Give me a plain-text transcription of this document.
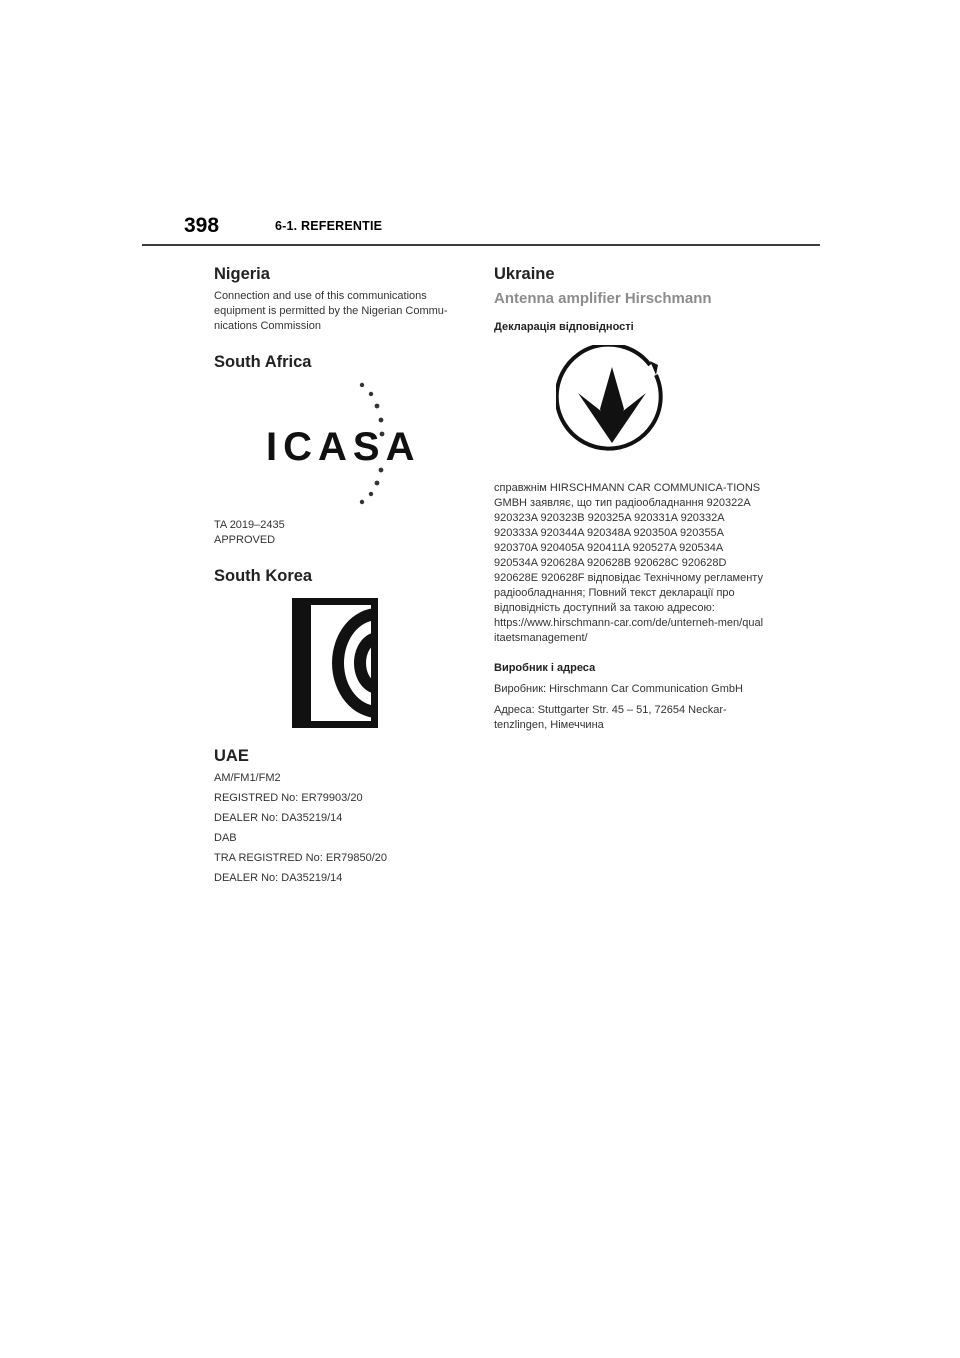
398	6-1. REFERENTIE
Nigeria

Connection and use of this communications equipment is permitted by the Nigerian Commu-nications Commission

South Africa
ICASA

TA 2019–2435

APPROVED

South Korea
UAE

AM/FM1/FM2

REGISTRED No: ER79903/20

DEALER No: DA35219/14

DAB

TRA REGISTRED No: ER79850/20

DEALER No: DA35219/14

Ukraine
Antenna amplifier Hirschmann
Декларація відповідності

справжнім HIRSCHMANN CAR COMMUNICA-TIONS GMBH заявляє, що тип радіообладнання 920322A 920323A 920323B 920325A 920331A 920332A 920333A 920344A 920348A 920350A 920355A 920370A 920405A 920411A 920527A 920534A 920534A 920628A 920628B 920628C 920628D 920628E 920628F відповідає Технічному регламенту радіообладнання; Повний текст декларації про відповідність доступний за такою адресою:

https://www.hirschmann-car.com/de/unterneh-men/qualitaetsmanagement/

Виробник і адреса

Виробник: Hirschmann Car Communication GmbH

Адреса: Stuttgarter Str. 45 – 51, 72654 Neckar-tenzlingen, Німеччина
